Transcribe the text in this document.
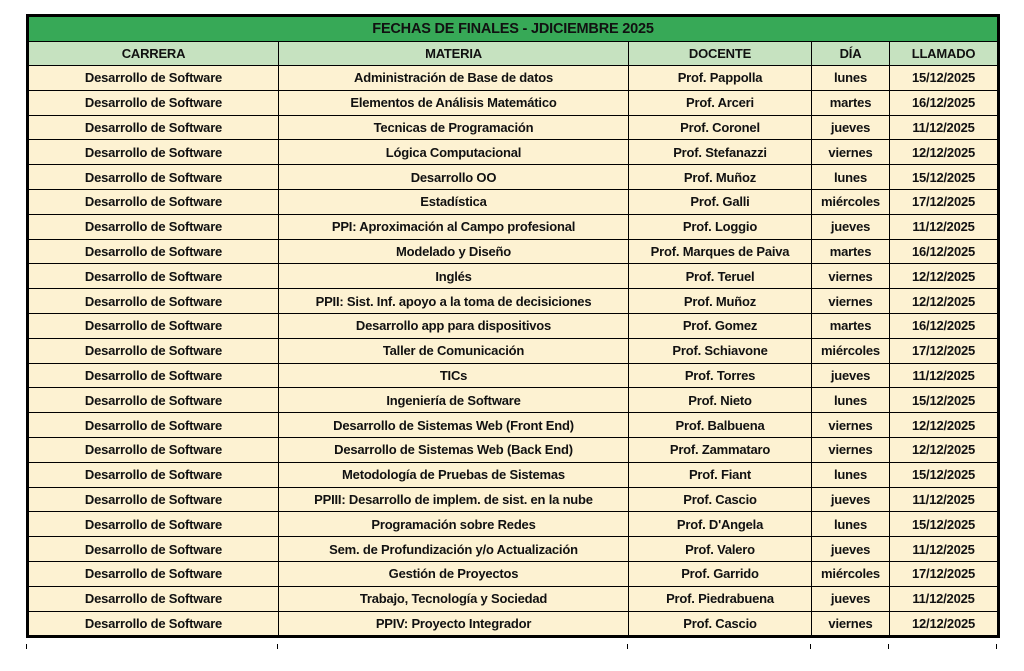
FECHAS DE FINALES - JDICIEMBRE 2025				
CARRERA	MATERIA	DOCENTE	DÍA	LLAMADO
Desarrollo de Software	Administración de Base de datos	Prof. Pappolla	lunes	15/12/2025
Desarrollo de Software	Elementos de Análisis Matemático	Prof. Arceri	martes	16/12/2025
Desarrollo de Software	Tecnicas de Programación	Prof. Coronel	jueves	11/12/2025
Desarrollo de Software	Lógica Computacional	Prof. Stefanazzi	viernes	12/12/2025
Desarrollo de Software	Desarrollo OO	Prof. Muñoz	lunes	15/12/2025
Desarrollo de Software	Estadística	Prof. Galli	miércoles	17/12/2025
Desarrollo de Software	PPI: Aproximación al Campo profesional	Prof. Loggio	jueves	11/12/2025
Desarrollo de Software	Modelado y Diseño	Prof. Marques de Paiva	martes	16/12/2025
Desarrollo de Software	Inglés	Prof. Teruel	viernes	12/12/2025
Desarrollo de Software	PPII: Sist. Inf. apoyo a la toma de decisiciones	Prof. Muñoz	viernes	12/12/2025
Desarrollo de Software	Desarrollo app para dispositivos	Prof. Gomez	martes	16/12/2025
Desarrollo de Software	Taller de Comunicación	Prof. Schiavone	miércoles	17/12/2025
Desarrollo de Software	TICs	Prof. Torres	jueves	11/12/2025
Desarrollo de Software	Ingeniería de Software	Prof. Nieto	lunes	15/12/2025
Desarrollo de Software	Desarrollo de Sistemas Web (Front End)	Prof. Balbuena	viernes	12/12/2025
Desarrollo de Software	Desarrollo de Sistemas Web (Back End)	Prof. Zammataro	viernes	12/12/2025
Desarrollo de Software	Metodología de Pruebas de Sistemas	Prof. Fiant	lunes	15/12/2025
Desarrollo de Software	PPIII: Desarrollo de implem. de sist. en la nube	Prof. Cascio	jueves	11/12/2025
Desarrollo de Software	Programación sobre Redes	Prof. D'Angela	lunes	15/12/2025
Desarrollo de Software	Sem. de Profundización y/o Actualización	Prof. Valero	jueves	11/12/2025
Desarrollo de Software	Gestión de Proyectos	Prof. Garrido	miércoles	17/12/2025
Desarrollo de Software	Trabajo, Tecnología y Sociedad	Prof. Piedrabuena	jueves	11/12/2025
Desarrollo de Software	PPIV: Proyecto Integrador	Prof. Cascio	viernes	12/12/2025
